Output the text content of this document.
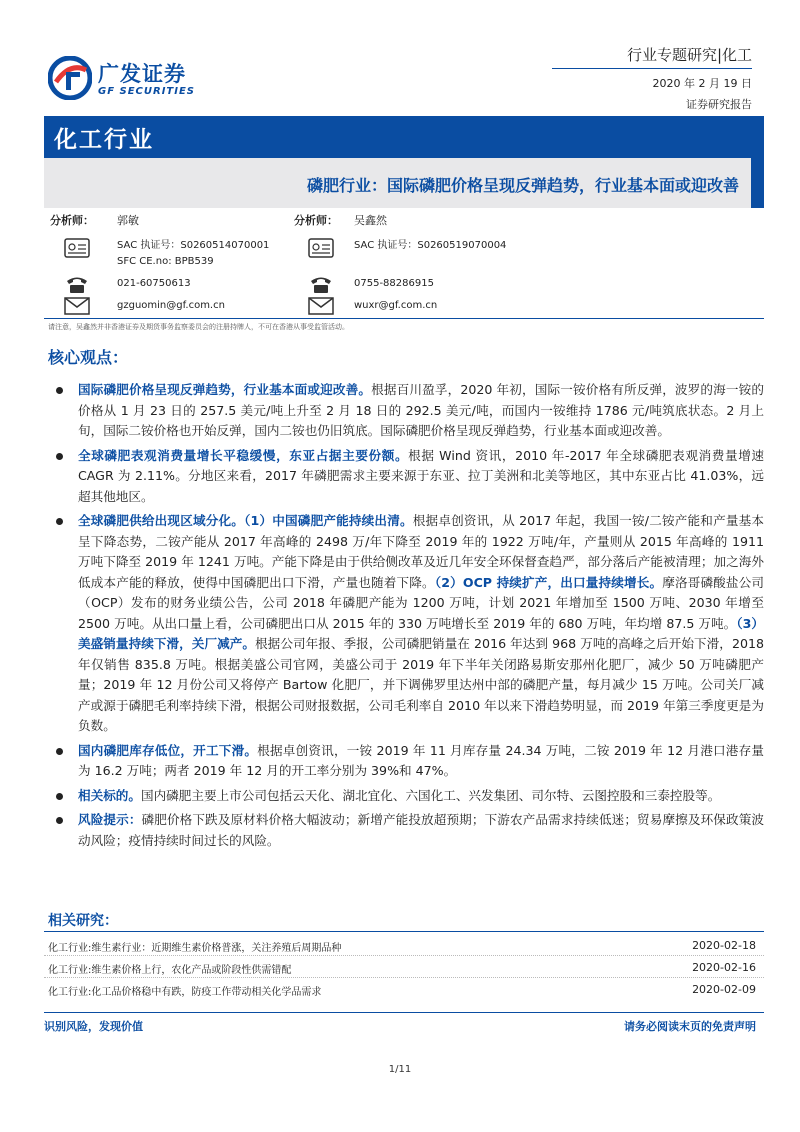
广发证券
GF SECURITIES
行业专题研究|化工
2020 年 2 月 19 日
证券研究报告
化工行业
磷肥行业：国际磷肥价格呈现反弹趋势，行业基本面或迎改善
分析师： 郭敏
SAC 执证号：S0260514070001
SFC CE.no: BPB539
021-60750613
gzguomin@gf.com.cn
分析师： 吴鑫然
SAC 执证号：S0260519070004
0755-88286915
wuxr@gf.com.cn
请注意，吴鑫然并非香港证券及期货事务监察委员会的注册持牌人，不可在香港从事受监管活动。
核心观点：
国际磷肥价格呈现反弹趋势，行业基本面或迎改善。根据百川盈孚，2020 年初，国际一铵价格有所反弹，波罗的海一铵的价格从 1 月 23 日的 257.5 美元/吨上升至 2 月 18 日的 292.5 美元/吨，而国内一铵维持 1786 元/吨筑底状态。2 月上旬，国际二铵价格也开始反弹，国内二铵也仍旧筑底。国际磷肥价格呈现反弹趋势，行业基本面或迎改善。
全球磷肥表观消费量增长平稳缓慢，东亚占据主要份额。根据 Wind 资讯，2010 年-2017 年全球磷肥表观消费量增速 CAGR 为 2.11%。分地区来看，2017 年磷肥需求主要来源于东亚、拉丁美洲和北美等地区，其中东亚占比 41.03%，远超其他地区。
全球磷肥供给出现区域分化。（1）中国磷肥产能持续出清。根据卓创资讯，从 2017 年起，我国一铵/二铵产能和产量基本呈下降态势，二铵产能从 2017 年高峰的 2498 万/年下降至 2019 年的 1922 万吨/年，产量则从 2015 年高峰的 1911 万吨下降至 2019 年 1241 万吨。产能下降是由于供给侧改革及近几年安全环保督查趋严，部分落后产能被清理；加之海外低成本产能的释放，使得中国磷肥出口下滑，产量也随着下降。（2）OCP 持续扩产，出口量持续增长。摩洛哥磷酸盐公司（OCP）发布的财务业绩公告，公司 2018 年磷肥产能为 1200 万吨，计划 2021 年增加至 1500 万吨、2030 年增至 2500 万吨。从出口量上看，公司磷肥出口从 2015 年的 330 万吨增长至 2019 年的 680 万吨，年均增 87.5 万吨。（3）美盛销量持续下滑，关厂减产。根据公司年报、季报，公司磷肥销量在 2016 年达到 968 万吨的高峰之后开始下滑，2018 年仅销售 835.8 万吨。根据美盛公司官网，美盛公司于 2019 年下半年关闭路易斯安那州化肥厂，减少 50 万吨磷肥产量；2019 年 12 月份公司又将停产 Bartow 化肥厂，并下调佛罗里达州中部的磷肥产量，每月减少 15 万吨。公司关厂减产或源于磷肥毛利率持续下滑，根据公司财报数据，公司毛利率自 2010 年以来下滑趋势明显，而 2019 年第三季度更是为负数。
国内磷肥库存低位，开工下滑。根据卓创资讯，一铵 2019 年 11 月库存量 24.34 万吨，二铵 2019 年 12 月港口港存量为 16.2 万吨；两者 2019 年 12 月的开工率分别为 39%和 47%。
相关标的。国内磷肥主要上市公司包括云天化、湖北宜化、六国化工、兴发集团、司尔特、云图控股和三泰控股等。
风险提示：磷肥价格下跌及原材料价格大幅波动；新增产能投放超预期；下游农产品需求持续低迷；贸易摩擦及环保政策波动风险；疫情持续时间过长的风险。
相关研究：
化工行业:维生素行业：近期维生素价格普涨，关注养殖后周期品种	2020-02-18
化工行业:维生素价格上行，农化产品或阶段性供需错配	2020-02-16
化工行业:化工品价格稳中有跌，防疫工作带动相关化学品需求	2020-02-09
识别风险，发现价值	请务必阅读末页的免责声明
1/11
